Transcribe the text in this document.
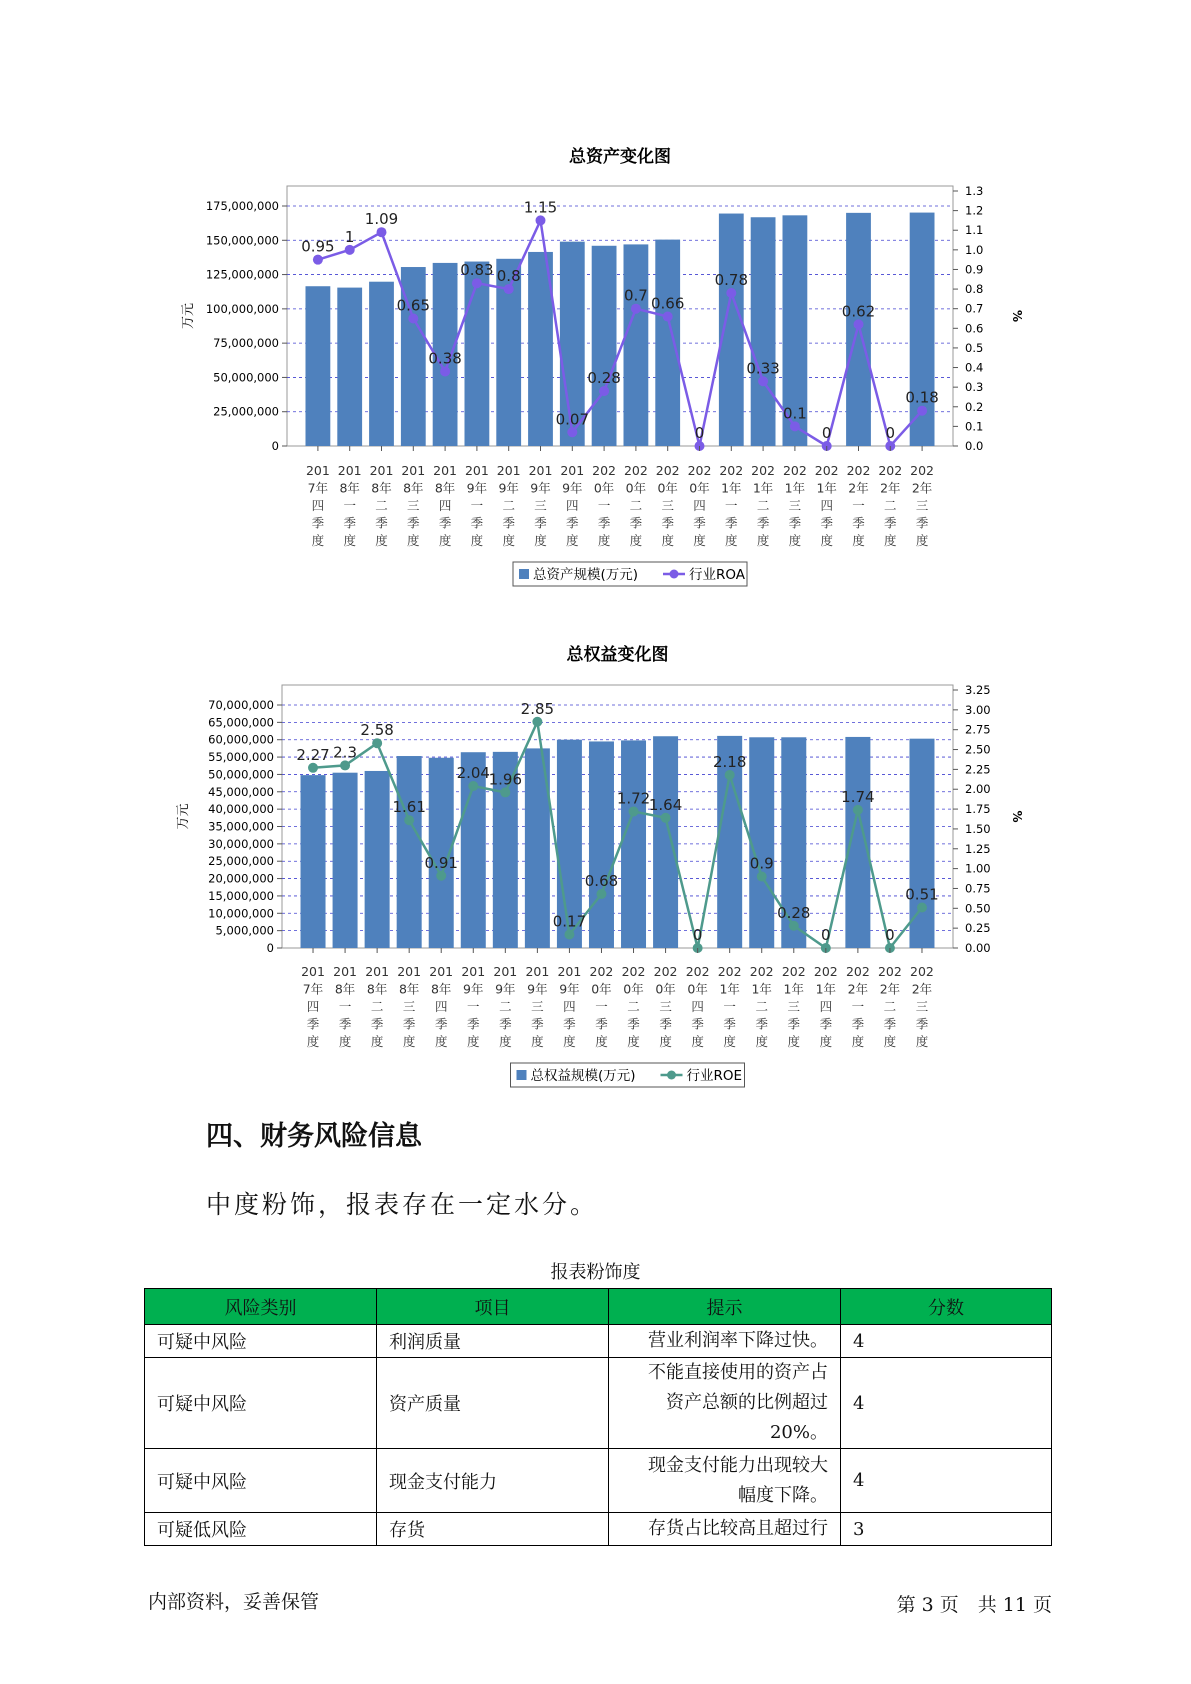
总资产变化图
175,000,000
150,000,000
125,000,000
100,000,000
75,000,000
50,000,000
25,000,000
0
1.3
1.2
1.1
1.0
0.9
0.8
0.7
0.6
0.5
0.4
0.3
0.2
0.1
0.0
万元	%
0.95
1
1.09
0.65
0.38
0.83 0.8
1.15
0.07
0.28
0.7 0.66
0
0.78
0.33
0.1
0
0.62
0
0.18
201 7年四季度
201 8年一季度
201 8年二季度
201 8年三季度
201 8年四季度
201 9年一季度
201 9年二季度
201 9年三季度
201 9年四季度
202 0年一季度
202 0年二季度
202 0年三季度
202 0年四季度
202 1年一季度
202 1年二季度
202 1年三季度
202 1年四季度
202 2年一季度
202 2年二季度
202 2年三季度
总资产规模(万元)	行业ROA
总权益变化图
70,000,000
65,000,000
60,000,000
55,000,000
50,000,000
45,000,000
40,000,000
35,000,000
30,000,000
25,000,000
20,000,000
15,000,000
10,000,000
5,000,000
0
3.25
3.00
2.75
2.50
2.25
2.00
1.75
1.50
1.25
1.00
0.75
0.50
0.25
0.00
万元	%
2.27 2.3
2.58
1.61
0.91
2.04
1.96
2.85
0.17
0.68
1.72
1.64
0
2.18
0.9
0.28
0
1.74
0
0.51
201 7年四季度
201 8年一季度
201 8年二季度
201 8年三季度
201 8年四季度
201 9年一季度
201 9年二季度
201 9年三季度
201 9年四季度
202 0年一季度
202 0年二季度
202 0年三季度
202 0年四季度
202 1年一季度
202 1年二季度
202 1年三季度
202 1年四季度
202 2年一季度
202 2年二季度
202 2年三季度
总权益规模(万元)	行业ROE
四、财务风险信息
中度粉饰，报表存在一定水分。
报表粉饰度
风险类别	项目	提示	分数
可疑中风险	利润质量	营业利润率下降过快。	4
可疑中风险	资产质量	不能直接使用的资产占
资产总额的比例超过20%。	4
可疑中风险	现金支付能力	现金支付能力出现较大
幅度下降。	4
可疑低风险	存货	存货占比较高且超过行	3
内部资料，妥善保管	第 3 页　共 11 页
